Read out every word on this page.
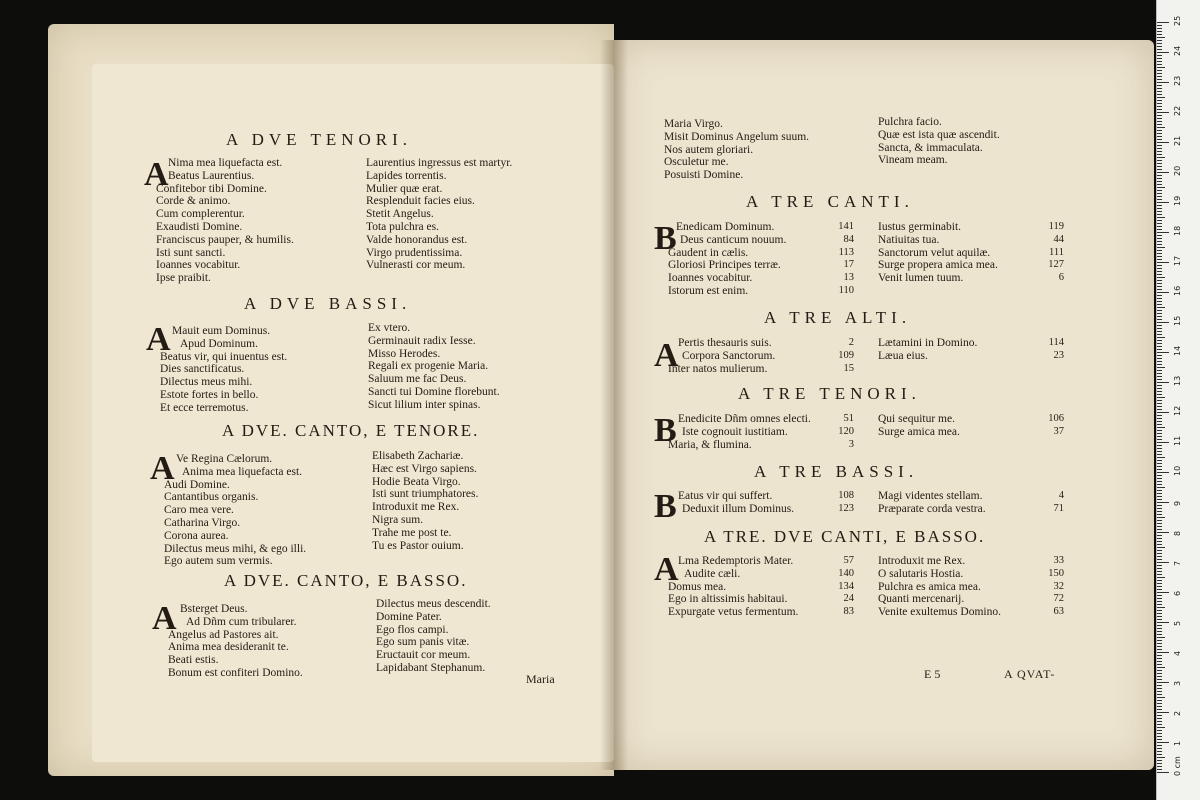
A DVE TENORI.
A Nima mea liquefacta est.
Beatus Laurentius.
Confitebor tibi Domine.
Corde & animo.
Cum complerentur.
Exaudisti Domine.
Franciscus pauper, & humilis.
Isti sunt sancti.
Ioannes vocabitur.
Ipse praibit.
Laurentius ingressus est martyr.
Lapides torrentis.
Mulier quæ erat.
Resplenduit facies eius.
Stetit Angelus.
Tota pulchra es.
Valde honorandus est.
Virgo prudentissima.
Vulnerasti cor meum.
A DVE BASSI.
A Mauit eum Dominus.
Apud Dominum.
Beatus vir, qui inuentus est.
Dies sanctificatus.
Dilectus meus mihi.
Estote fortes in bello.
Et ecce terremotus.
Ex vtero.
Germinauit radix Iesse.
Misso Herodes.
Regali ex progenie Maria.
Saluum me fac Deus.
Sancti tui Domine florebunt.
Sicut lilium inter spinas.
A DVE. CANTO, E TENORE.
A Ve Regina Cælorum.
Anima mea liquefacta est.
Audi Domine.
Cantantibus organis.
Caro mea vere.
Catharina Virgo.
Corona aurea.
Dilectus meus mihi, & ego illi.
Ego autem sum vermis.
Elisabeth Zachariæ.
Hæc est Virgo sapiens.
Hodie Beata Virgo.
Isti sunt triumphatores.
Introduxit me Rex.
Nigra sum.
Trahe me post te.
Tu es Pastor ouium.
A DVE. CANTO, E BASSO.
A Bsterget Deus.
Ad Dñm cum tribularer.
Angelus ad Pastores ait.
Anima mea desideranit te.
Beati estis.
Bonum est confiteri Domino.
Dilectus meus descendit.
Domine Pater.
Ego flos campi.
Ego sum panis vitæ.
Eructauit cor meum.
Lapidabant Stephanum.
Maria
Maria Virgo.
Misit Dominus Angelum suum.
Nos autem gloriari.
Osculetur me.
Posuisti Domine.
Pulchra facio.
Quæ est ista quæ ascendit.
Sancta, & immaculata.
Vineam meam.
A TRE CANTI.
B Enedicam Dominum.	141
Deus canticum nouum.	84
Gaudent in cælis.	113
Gloriosi Principes terræ.	17
Ioannes vocabitur.	13
Istorum est enim.	110
Iustus germinabit.	119
Natiuitas tua.	44
Sanctorum velut aquilæ.	111
Surge propera amica mea.	127
Venit lumen tuum.	6
A TRE ALTI.
A Pertis thesauris suis.	2
Corpora Sanctorum.	109
Inter natos mulierum.	15
Lætamini in Domino.	114
Læua eius.	23
A TRE TENORI.
B Enedicite Dñm omnes electi.	51
Iste cognouit iustitiam.	120
Maria, & flumina.	3
Qui sequitur me.	106
Surge amica mea.	37
A TRE BASSI.
B Eatus vir qui suffert.	108
Deduxit illum Dominus.	123
Magi videntes stellam.	4
Præparate corda vestra.	71
A TRE. DVE CANTI, E BASSO.
A Lma Redemptoris Mater.	57
Audite cæli.	140
Domus mea.	134
Ego in altissimis habitaui.	24
Expurgate vetus fermentum.	83
Introduxit me Rex.	33
O salutaris Hostia.	150
Pulchra es amica mea.	32
Quanti mercenarij.	72
Venite exultemus Domino.	63
E 5	A QVAT-
0 cm
1
2
3
4
5
6
7
8
9
10
11
12
13
14
15
16
17
18
19
20
21
22
23
24
25
